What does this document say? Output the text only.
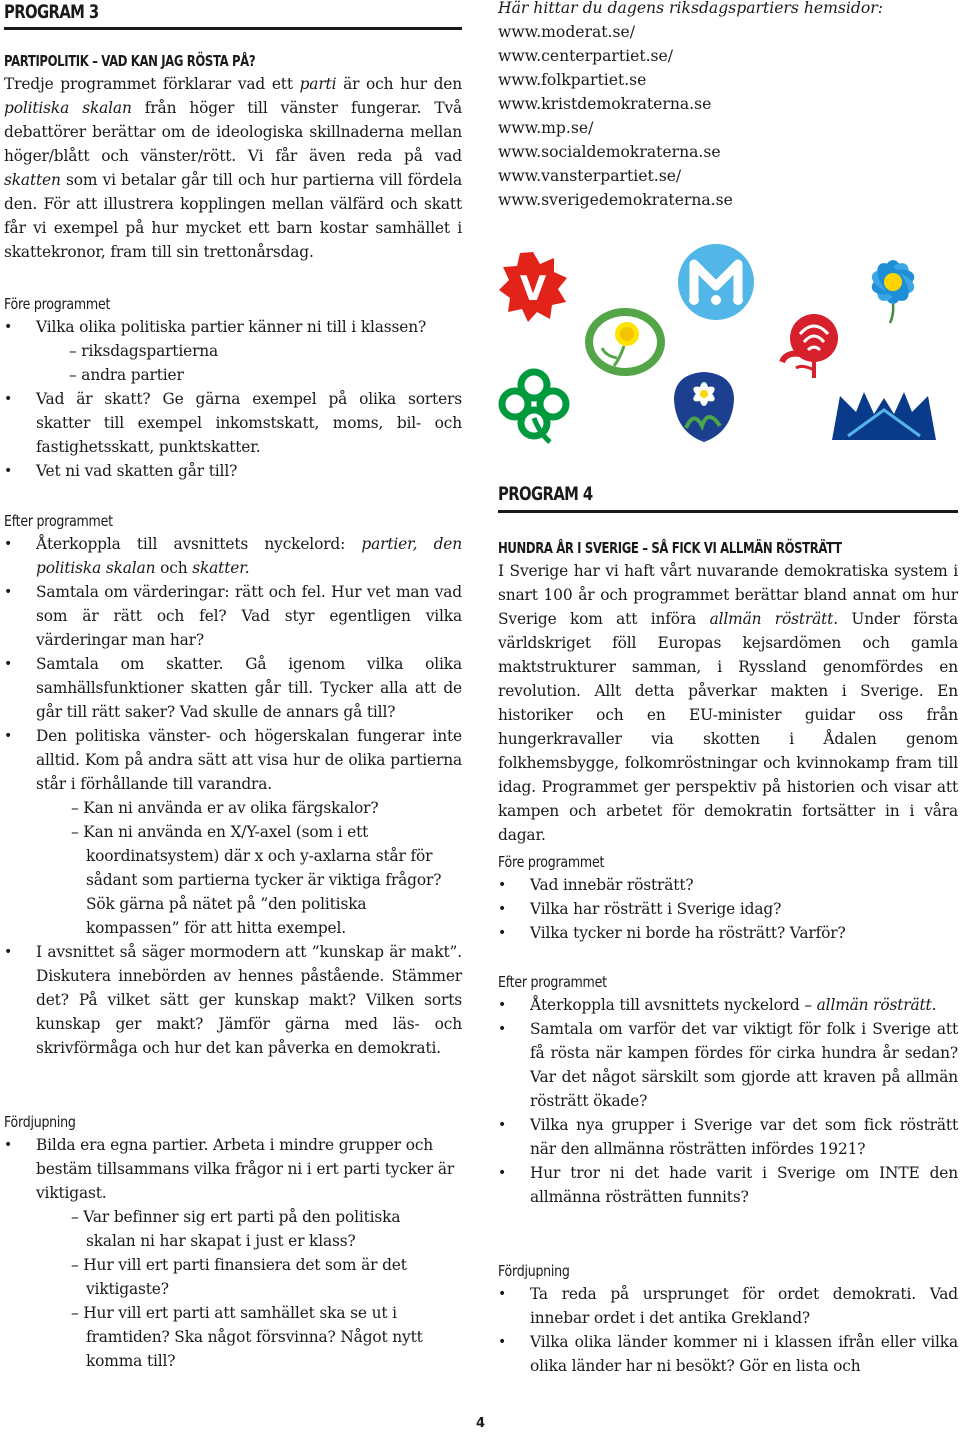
PROGRAM 3
PARTIPOLITIK – VAD KAN JAG RÖSTA PÅ?

Tredje programmet förklarar vad ett parti är och hur den politiska skalan från höger till vänster fungerar. Två debattörer berättar om de ideologiska skillnaderna mellan höger/blått och vänster/rött. Vi får även reda på vad skatten som vi betalar går till och hur partierna vill fördela den. För att illustrera kopplingen mellan välfärd och skatt får vi exempel på hur mycket ett barn kostar samhället i skattekronor, fram till sin trettonårsdag.

Före programmet
• Vilka olika politiska partier känner ni till i klassen?

– riksdagspartierna

– andra partier

• Vad är skatt? Ge gärna exempel på olika sorters skatter till exempel inkomstskatt, moms, bil- och fastighetsskatt, punktskatter.
• Vet ni vad skatten går till?
Efter programmet
• Återkoppla till avsnittets nyckelord: partier, den politiska skalan och skatter.
• Samtala om värderingar: rätt och fel. Hur vet man vad som är rätt och fel? Vad styr egentligen vilka värderingar man har?
• Samtala om skatter. Gå igenom vilka olika samhällsfunktioner skatten går till. Tycker alla att de går till rätt saker? Vad skulle de annars gå till?
• Den politiska vänster- och högerskalan fungerar inte alltid. Kom på andra sätt att visa hur de olika partierna står i förhållande till varandra.

– Kan ni använda er av olika färgskalor?

– Kan ni använda en X/Y-axel (som i ett koordinatsystem) där x och y-axlarna står för sådant som partierna tycker är viktiga frågor? Sök gärna på nätet på ”den politiska kompassen” för att hitta exempel.

• I avsnittet så säger mormodern att ”kunskap är makt”. Diskutera innebörden av hennes påstående. Stämmer det? På vilket sätt ger kunskap makt? Vilken sorts kunskap ger makt? Jämför gärna med läs- och skrivförmåga och hur det kan påverka en demokrati.
Fördjupning
• Bilda era egna partier. Arbeta i mindre grupper och bestäm tillsammans vilka frågor ni i ert parti tycker är viktigast.

– Var befinner sig ert parti på den politiska skalan ni har skapat i just er klass?

– Hur vill ert parti finansiera det som är det viktigaste?

– Hur vill ert parti att samhället ska se ut i framtiden? Ska något försvinna? Något nytt komma till?

Här hittar du dagens riksdagspartiers hemsidor:
www.moderat.se/
www.centerpartiet.se/
www.folkpartiet.se
www.kristdemokraterna.se
www.mp.se/
www.socialdemokraterna.se
www.vansterpartiet.se/
www.sverigedemokraterna.se
V
PROGRAM 4
HUNDRA ÅR I SVERIGE – SÅ FICK VI ALLMÄN RÖSTRÄTT

I Sverige har vi haft vårt nuvarande demokratiska system i snart 100 år och programmet berättar bland annat om hur Sverige kom att införa allmän rösträtt. Under första världskriget föll Europas kejsardömen och gamla maktstrukturer samman, i Ryssland genomfördes en revolution. Allt detta påverkar makten i Sverige. En historiker och en EU-minister guidar oss från hungerkravaller via skotten i Ådalen genom folkhemsbygge, folkomröstningar och kvinnokamp fram till idag. Programmet ger perspektiv på historien och visar att kampen och arbetet för demokratin fortsätter in i våra dagar.

Före programmet
• Vad innebär rösträtt?
• Vilka har rösträtt i Sverige idag?
• Vilka tycker ni borde ha rösträtt? Varför?
Efter programmet
• Återkoppla till avsnittets nyckelord – allmän rösträtt.
• Samtala om varför det var viktigt för folk i Sverige att få rösta när kampen fördes för cirka hundra år sedan? Var det något särskilt som gjorde att kraven på allmän rösträtt ökade?
• Vilka nya grupper i Sverige var det som fick rösträtt när den allmänna rösträtten infördes 1921?
• Hur tror ni det hade varit i Sverige om INTE den allmänna rösträtten funnits?
Fördjupning
• Ta reda på ursprunget för ordet demokrati. Vad innebar ordet i det antika Grekland?
• Vilka olika länder kommer ni i klassen ifrån eller vilka olika länder har ni besökt? Gör en lista och
4
